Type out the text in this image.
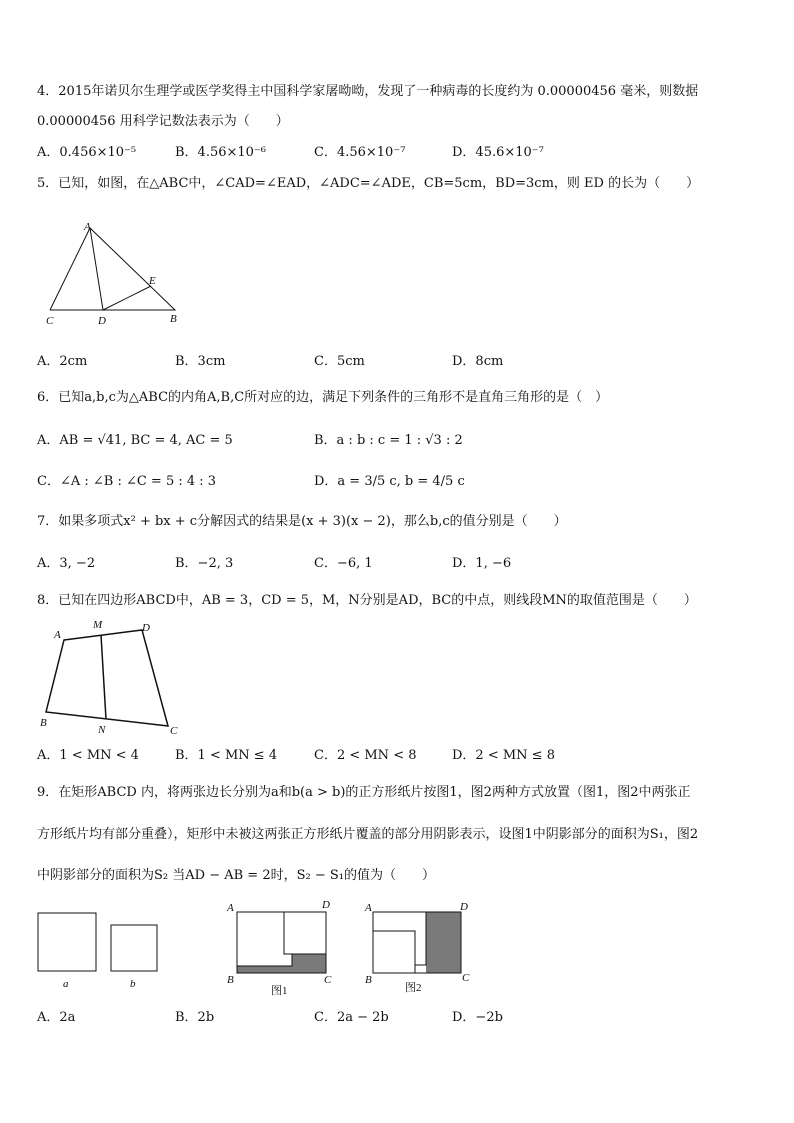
4．2015年诺贝尔生理学或医学奖得主中国科学家屠呦呦，发现了一种病毒的长度约为 0.00000456 毫米，则数据
0.00000456 用科学记数法表示为（　　）
A．0.456×10⁻⁵	B．4.56×10⁻⁶	C．4.56×10⁻⁷	D．45.6×10⁻⁷
5．已知，如图，在△ABC中，∠CAD=∠EAD，∠ADC=∠ADE，CB=5cm，BD=3cm，则 ED 的长为（　　）
A
C	D	B
E
A．2cm	B．3cm	C．5cm	D．8cm
6．已知a,b,c为△ABC的内角A,B,C所对应的边，满足下列条件的三角形不是直角三角形的是（　）
A．AB = √41, BC = 4, AC = 5	B．a : b : c = 1 : √3 : 2
C．∠A : ∠B : ∠C = 5 : 4 : 3	D．a = 3/5 c, b = 4/5 c
7．如果多项式x² + bx + c分解因式的结果是(x + 3)(x − 2)，那么b,c的值分别是（　　）
A．3, −2	B．−2, 3	C．−6, 1	D．1, −6
8．已知在四边形ABCD中，AB = 3，CD = 5，M，N分别是AD，BC的中点，则线段MN的取值范围是（　　）
A
M	D
B
N	C
A．1 < MN < 4	B．1 < MN ≤ 4	C．2 < MN < 8	D．2 < MN ≤ 8
9．在矩形ABCD 内，将两张边长分别为a和b(a > b)的正方形纸片按图1，图2两种方式放置（图1，图2中两张正
方形纸片均有部分重叠），矩形中未被这两张正方形纸片覆盖的部分用阴影表示，设图1中阴影部分的面积为S₁，图2
中阴影部分的面积为S₂ 当AD − AB = 2时，S₂ − S₁的值为（　　）
a	b
A	D
B	C
图1
A	D
B	C
图2
A．2a	B．2b	C．2a − 2b	D．−2b
